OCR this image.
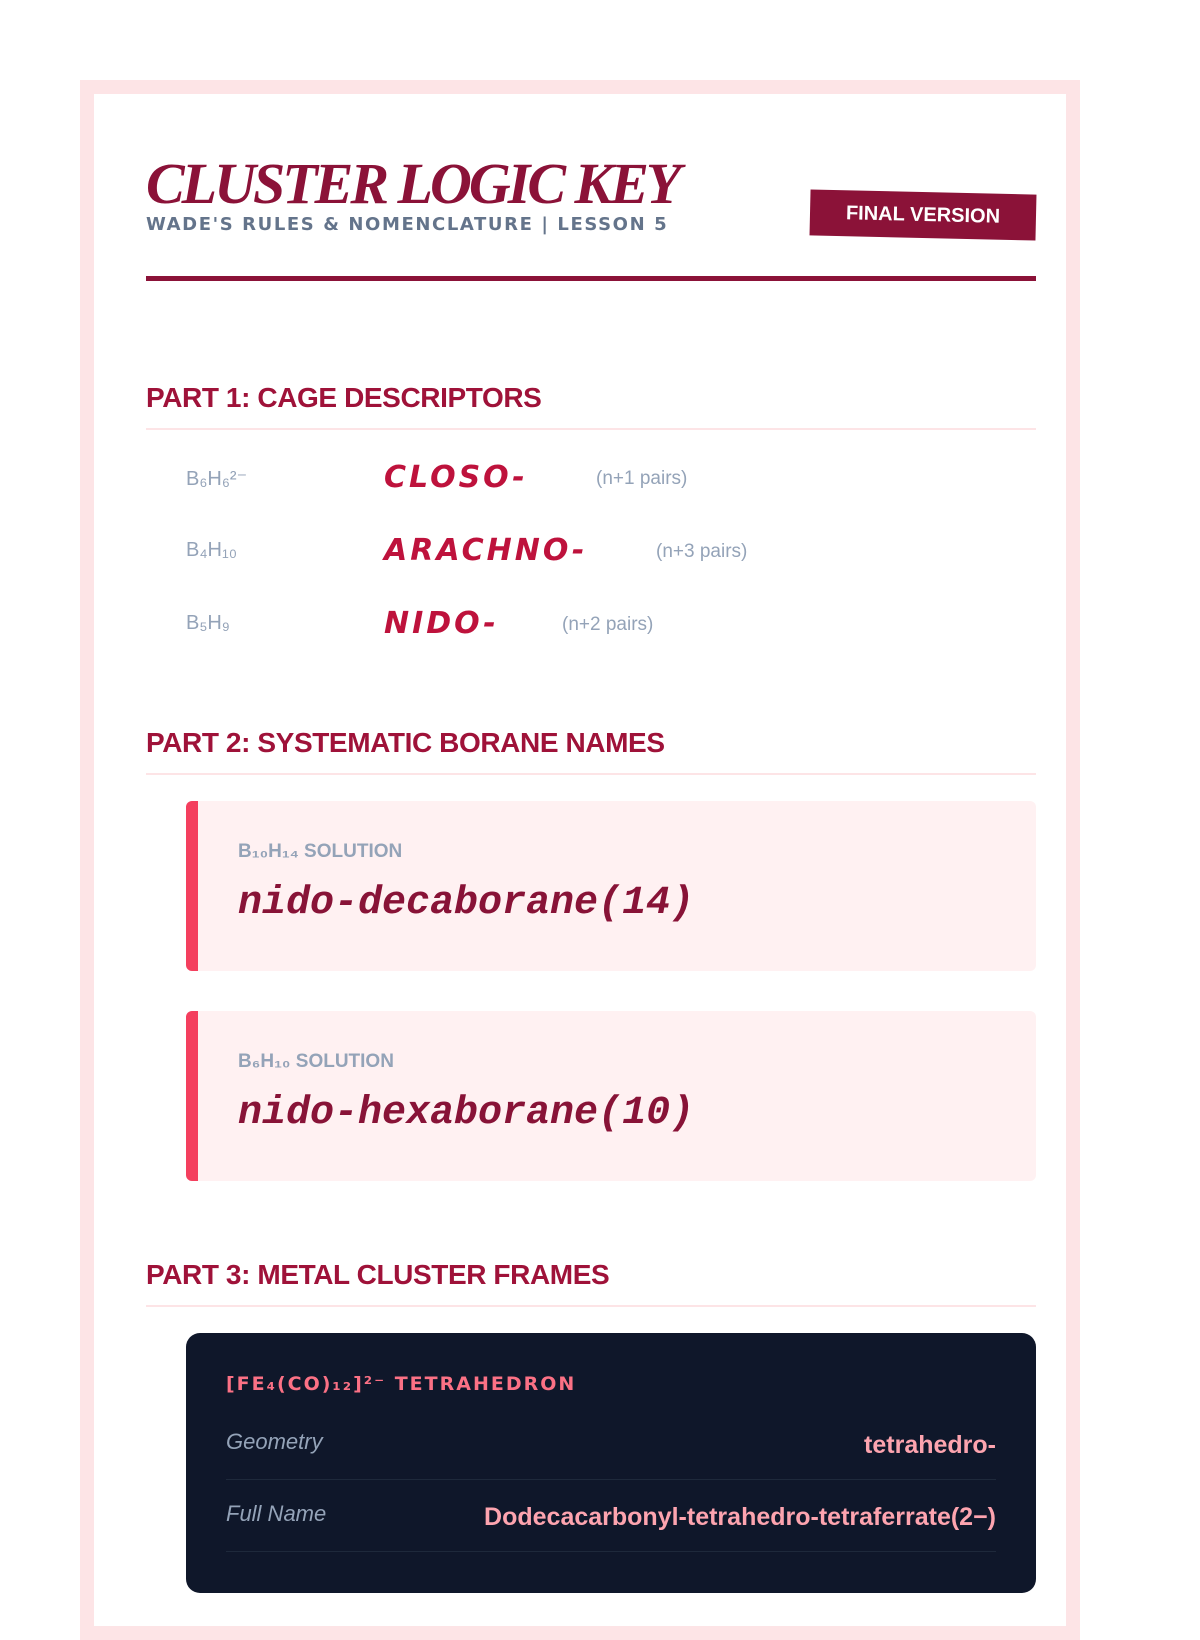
CLUSTER LOGIC KEY
WADE'S RULES & NOMENCLATURE | LESSON 5	FINAL VERSION
PART 1: CAGE DESCRIPTORS
B₆H₆²⁻	CLOSO-	(n+1 pairs)
B₄H₁₀	ARACHNO-	(n+3 pairs)
B₅H₉	NIDO-	(n+2 pairs)
PART 2: SYSTEMATIC BORANE NAMES
B₁₀H₁₄ SOLUTION
nido-decaborane(14)
B₆H₁₀ SOLUTION
nido-hexaborane(10)
PART 3: METAL CLUSTER FRAMES
[FE₄(CO)₁₂]²⁻ TETRAHEDRON
Geometry	tetrahedro-
Full Name	Dodecacarbonyl-tetrahedro-tetraferrate(2−)
